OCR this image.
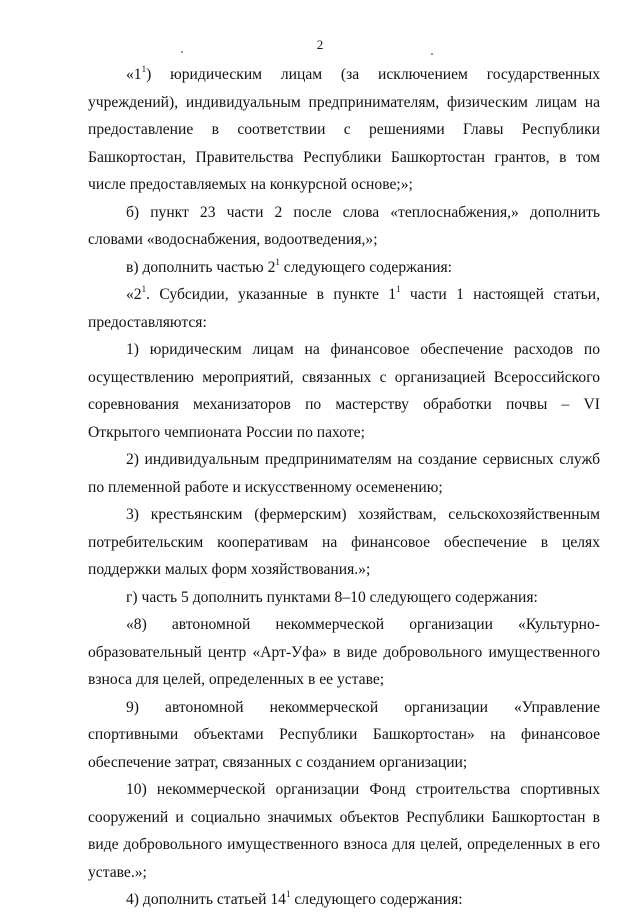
2

«$1^1$) юридическим лицам (за исключением государственных учреждений), индивидуальным предпринимателям, физическим лицам на предоставление в соответствии с решениями Главы Республики Башкортостан, Правительства Республики Башкортостан грантов, в том числе предоставляемых на конкурсной основе;»;

б) пункт 23 части 2 после слова «теплоснабжения,» дополнить словами «водоснабжения, водоотведения,»;

в) дополнить частью $2^1$ следующего содержания:

«$2^1$. Субсидии, указанные в пункте $1^1$ части 1 настоящей статьи, предоставляются:

1) юридическим лицам на финансовое обеспечение расходов по осуществлению мероприятий, связанных с организацией Всероссийского соревнования механизаторов по мастерству обработки почвы – VI Открытого чемпионата России по пахоте;

2) индивидуальным предпринимателям на создание сервисных служб по племенной работе и искусственному осеменению;

3) крестьянским (фермерским) хозяйствам, сельскохозяйственным потребительским кооперативам на финансовое обеспечение в целях поддержки малых форм хозяйствования.»;

г) часть 5 дополнить пунктами 8–10 следующего содержания:

«8) автономной некоммерческой организации «Культурно-образовательный центр «Арт-Уфа» в виде добровольного имущественного взноса для целей, определенных в ее уставе;

9) автономной некоммерческой организации «Управление спортивными объектами Республики Башкортостан» на финансовое обеспечение затрат, связанных с созданием организации;

10) некоммерческой организации Фонд строительства спортивных сооружений и социально значимых объектов Республики Башкортостан в виде добровольного имущественного взноса для целей, определенных в его уставе.»;

4) дополнить статьей $14^1$ следующего содержания:
